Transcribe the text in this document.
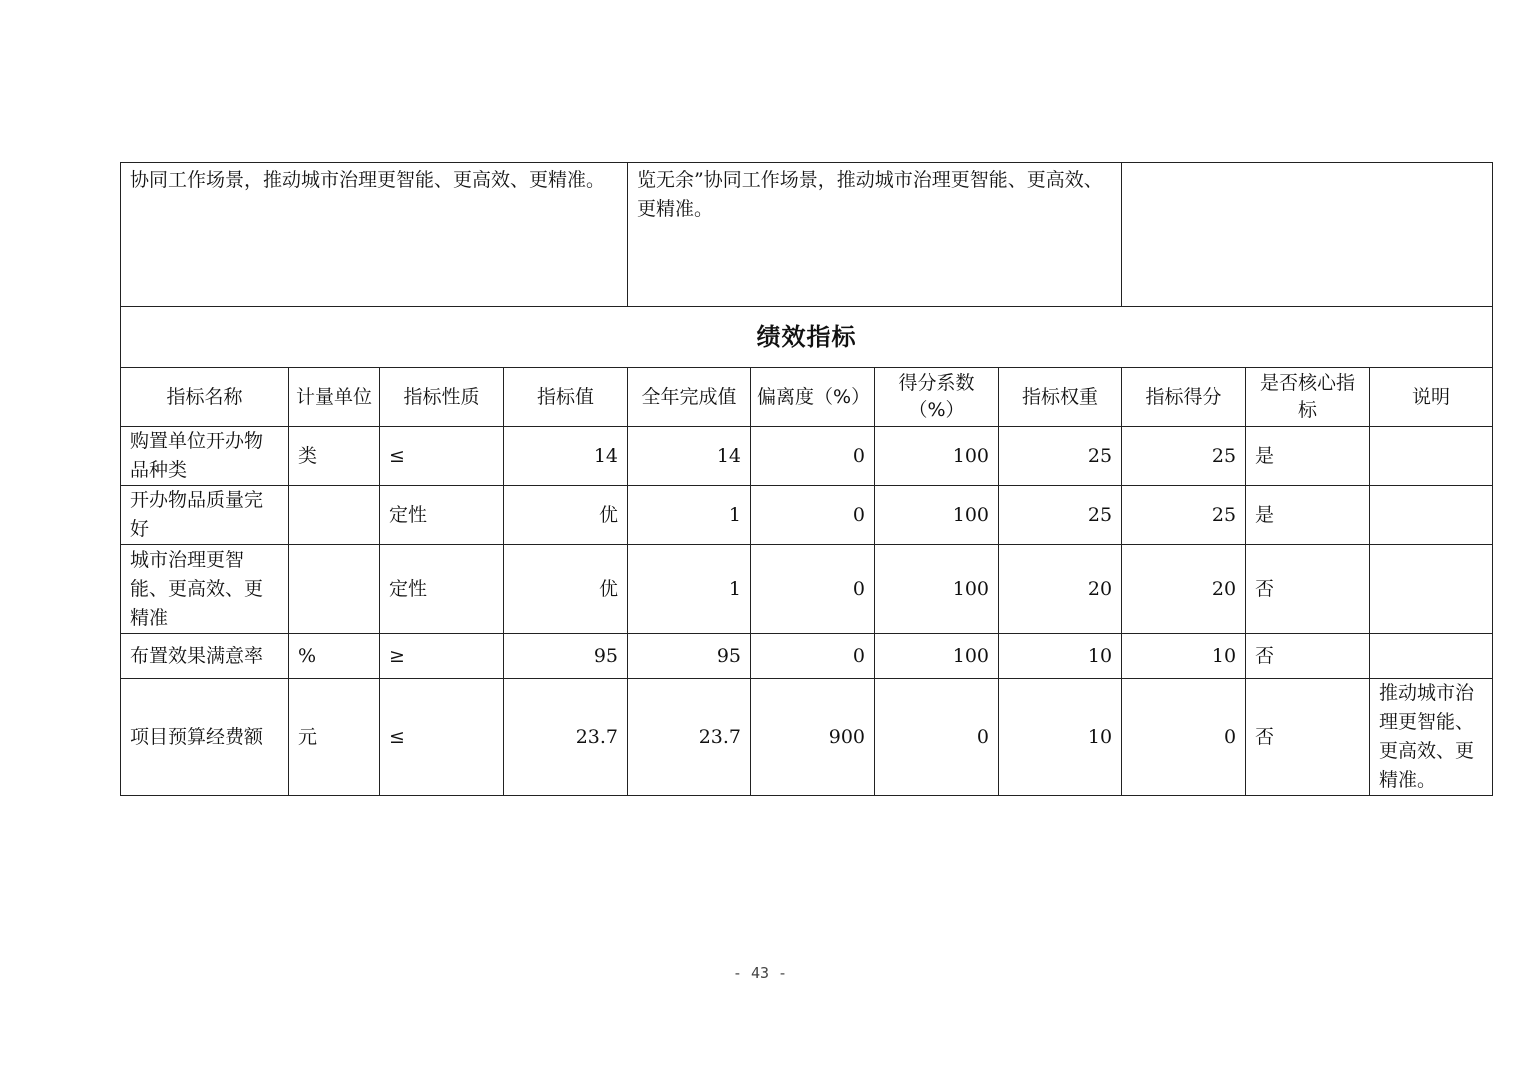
协同工作场景，推动城市治理更智能、更高效、更精准。				览无余”协同工作场景，推动城市治理更智能、更高效、更精准。						
绩效指标										
指标名称	计量单位	指标性质	指标值	全年完成值	偏离度（%）	得分系数（%）	指标权重	指标得分	是否核心指标	说明
购置单位开办物品种类	类	≤	14	14	0	100	25	25	是	
开办物品质量完好		定性	优	1	0	100	25	25	是	
城市治理更智能、更高效、更精准		定性	优	1	0	100	20	20	否	
布置效果满意率	%	≥	95	95	0	100	10	10	否	
项目预算经费额	元	≤	23.7	23.7	900	0	10	0	否	推动城市治理更智能、更高效、更精准。
- 43 -
